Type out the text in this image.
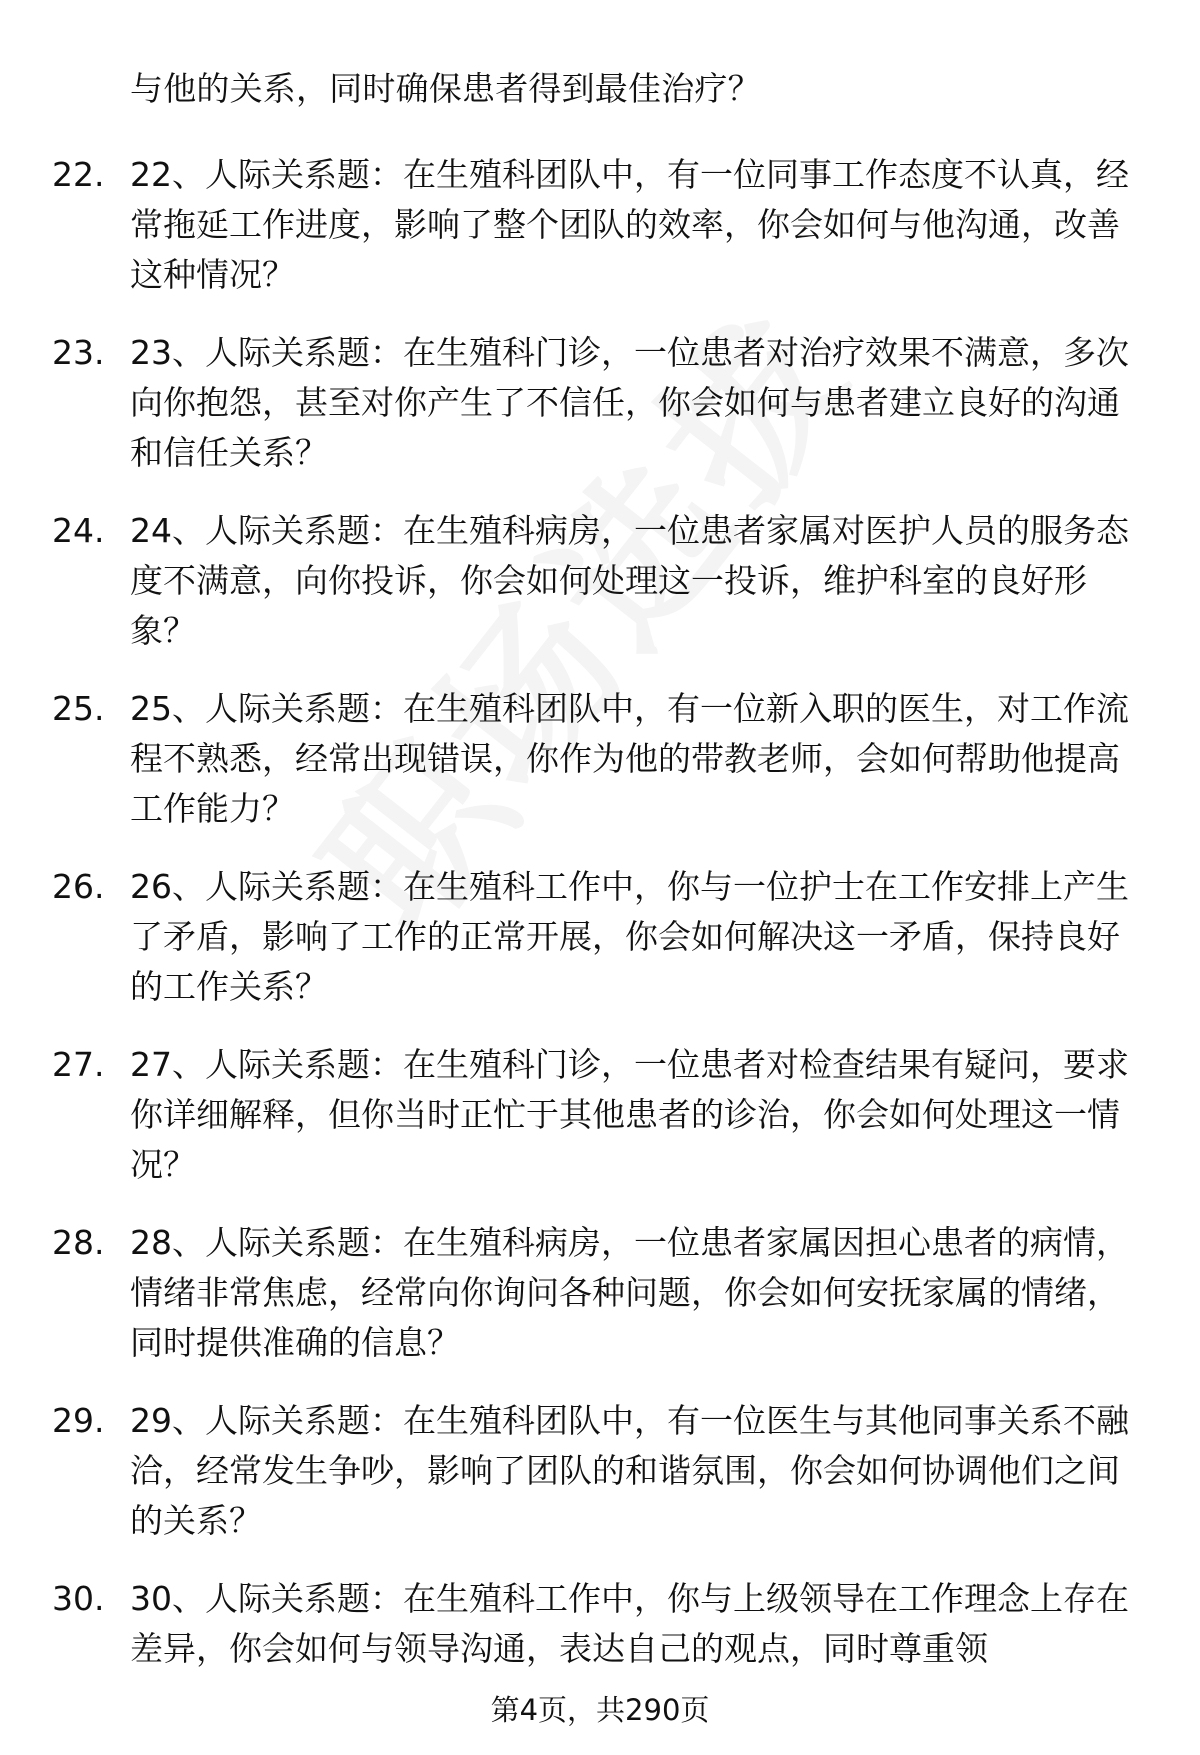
与他的关系，同时确保患者得到最佳治疗？
22. 22、人际关系题：在生殖科团队中，有一位同事工作态度不认真，经常拖延工作进度，影响了整个团队的效率，你会如何与他沟通，改善这种情况？
23. 23、人际关系题：在生殖科门诊，一位患者对治疗效果不满意，多次向你抱怨，甚至对你产生了不信任，你会如何与患者建立良好的沟通和信任关系？
24. 24、人际关系题：在生殖科病房，一位患者家属对医护人员的服务态度不满意，向你投诉，你会如何处理这一投诉，维护科室的良好形象？
25. 25、人际关系题：在生殖科团队中，有一位新入职的医生，对工作流程不熟悉，经常出现错误，你作为他的带教老师，会如何帮助他提高工作能力？
26. 26、人际关系题：在生殖科工作中，你与一位护士在工作安排上产生了矛盾，影响了工作的正常开展，你会如何解决这一矛盾，保持良好的工作关系？
27. 27、人际关系题：在生殖科门诊，一位患者对检查结果有疑问，要求你详细解释，但你当时正忙于其他患者的诊治，你会如何处理这一情况？
28. 28、人际关系题：在生殖科病房，一位患者家属因担心患者的病情，情绪非常焦虑，经常向你询问各种问题，你会如何安抚家属的情绪，同时提供准确的信息？
29. 29、人际关系题：在生殖科团队中，有一位医生与其他同事关系不融洽，经常发生争吵，影响了团队的和谐氛围，你会如何协调他们之间的关系？
30. 30、人际关系题：在生殖科工作中，你与上级领导在工作理念上存在差异，你会如何与领导沟通，表达自己的观点，同时尊重领
第4页，共290页
